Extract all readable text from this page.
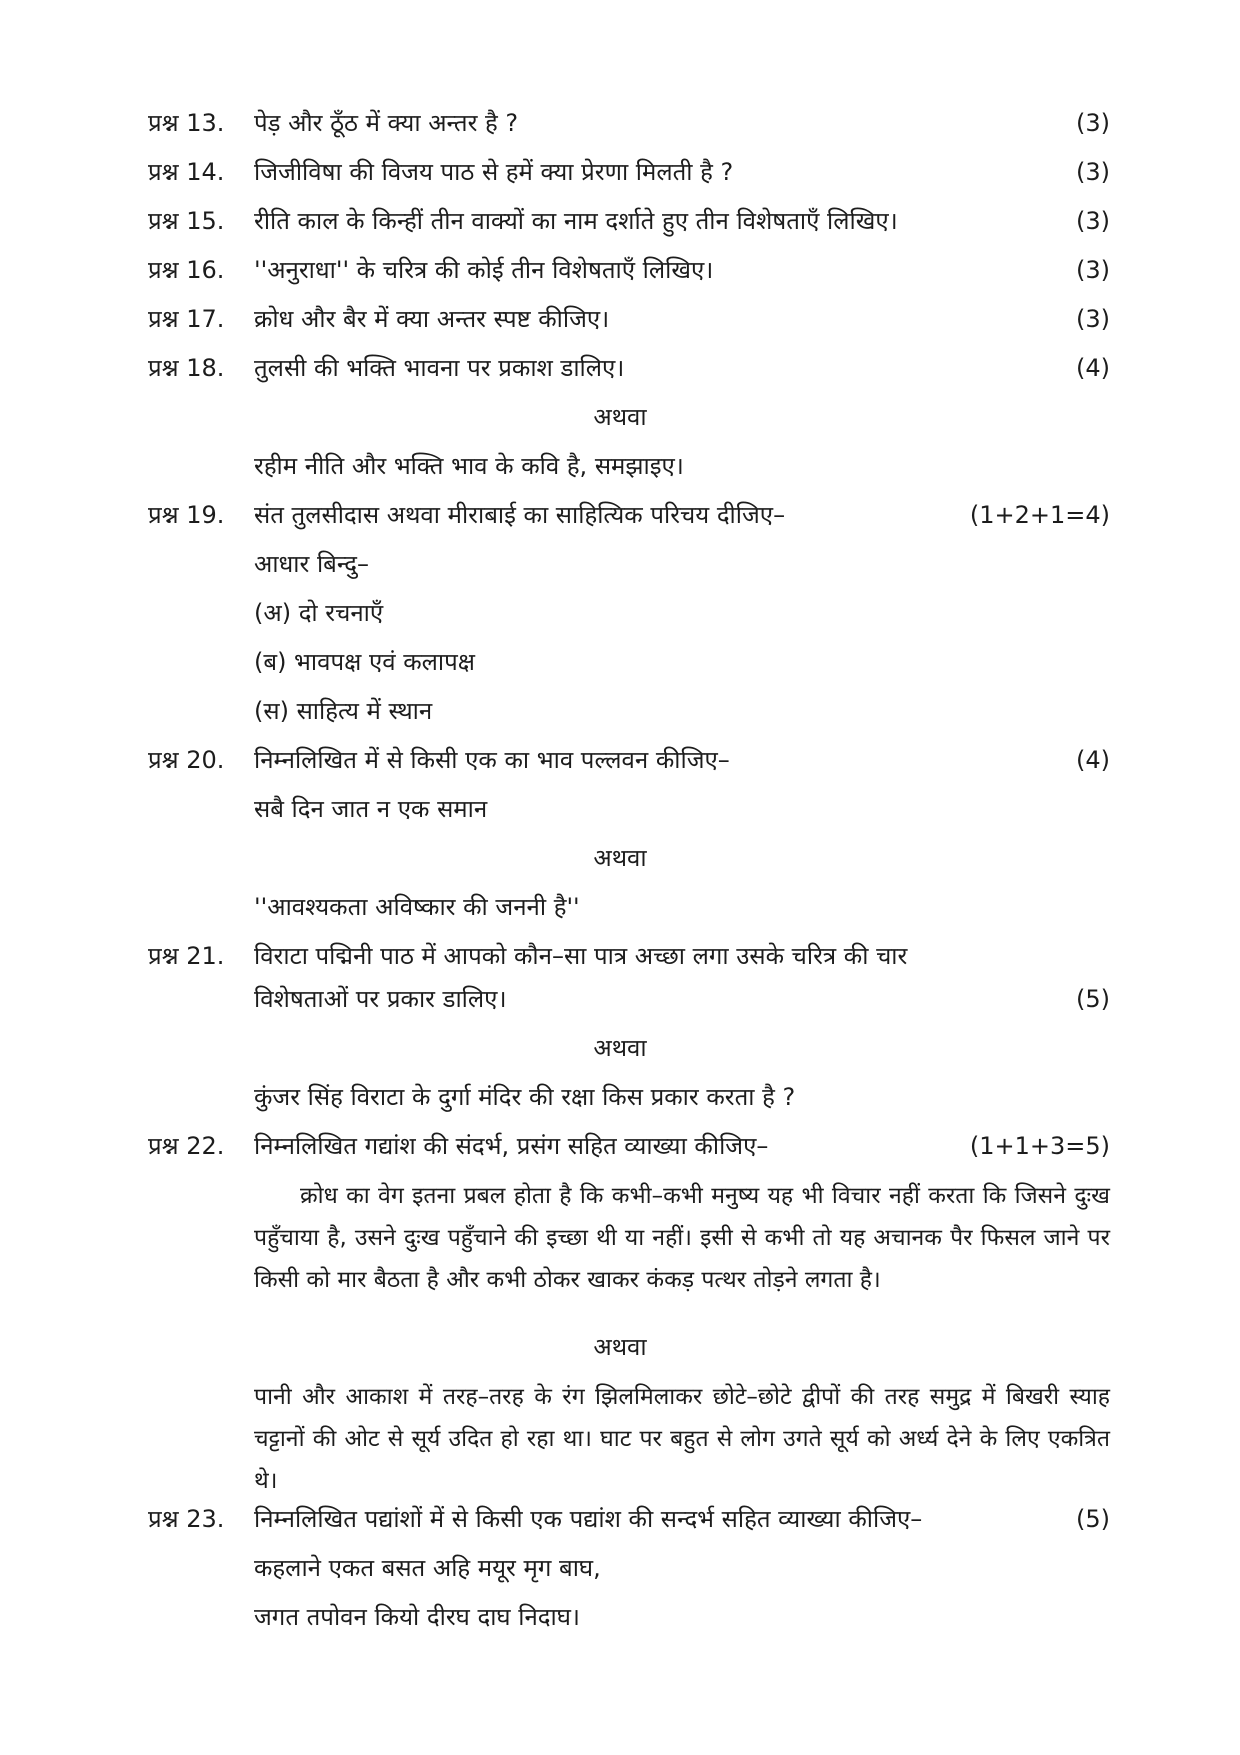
प्रश्न 13. पेड़ और ठूँठ में क्या अन्तर है ?	(3)
प्रश्न 14. जिजीविषा की विजय पाठ से हमें क्या प्रेरणा मिलती है ?	(3)
प्रश्न 15. रीति काल के किन्हीं तीन वाक्यों का नाम दर्शाते हुए तीन विशेषताएँ लिखिए।	(3)
प्रश्न 16. ''अनुराधा'' के चरित्र की कोई तीन विशेषताएँ लिखिए।	(3)
प्रश्न 17. क्रोध और बैर में क्या अन्तर स्पष्ट कीजिए।	(3)
प्रश्न 18. तुलसी की भक्ति भावना पर प्रकाश डालिए।	(4)
अथवा
रहीम नीति और भक्ति भाव के कवि है, समझाइए।
प्रश्न 19. संत तुलसीदास अथवा मीराबाई का साहित्यिक परिचय दीजिए–	(1+2+1=4)
आधार बिन्दु–
(अ) दो रचनाएँ
(ब) भावपक्ष एवं कलापक्ष
(स) साहित्य में स्थान
प्रश्न 20. निम्नलिखित में से किसी एक का भाव पल्लवन कीजिए–	(4)
सबै दिन जात न एक समान
अथवा
''आवश्यकता अविष्कार की जननी है''
प्रश्न 21. विराटा पद्मिनी पाठ में आपको कौन–सा पात्र अच्छा लगा उसके चरित्र की चार
विशेषताओं पर प्रकार डालिए।	(5)
अथवा
कुंजर सिंह विराटा के दुर्गा मंदिर की रक्षा किस प्रकार करता है ?
प्रश्न 22. निम्नलिखित गद्यांश की संदर्भ, प्रसंग सहित व्याख्या कीजिए–	(1+1+3=5)
क्रोध का वेग इतना प्रबल होता है कि कभी–कभी मनुष्य यह भी विचार नहीं करता कि जिसने दुःख पहुँचाया है, उसने दुःख पहुँचाने की इच्छा थी या नहीं। इसी से कभी तो यह अचानक पैर फिसल जाने पर किसी को मार बैठता है और कभी ठोकर खाकर कंकड़ पत्थर तोड़ने लगता है।
अथवा
पानी और आकाश में तरह–तरह के रंग झिलमिलाकर छोटे–छोटे द्वीपों की तरह समुद्र में बिखरी स्याह चट्टानों की ओट से सूर्य उदित हो रहा था। घाट पर बहुत से लोग उगते सूर्य को अर्ध्य देने के लिए एकत्रित थे।
प्रश्न 23. निम्नलिखित पद्यांशों में से किसी एक पद्यांश की सन्दर्भ सहित व्याख्या कीजिए–	(5)
कहलाने एकत बसत अहि मयूर मृग बाघ,
जगत तपोवन कियो दीरघ दाघ निदाघ।
